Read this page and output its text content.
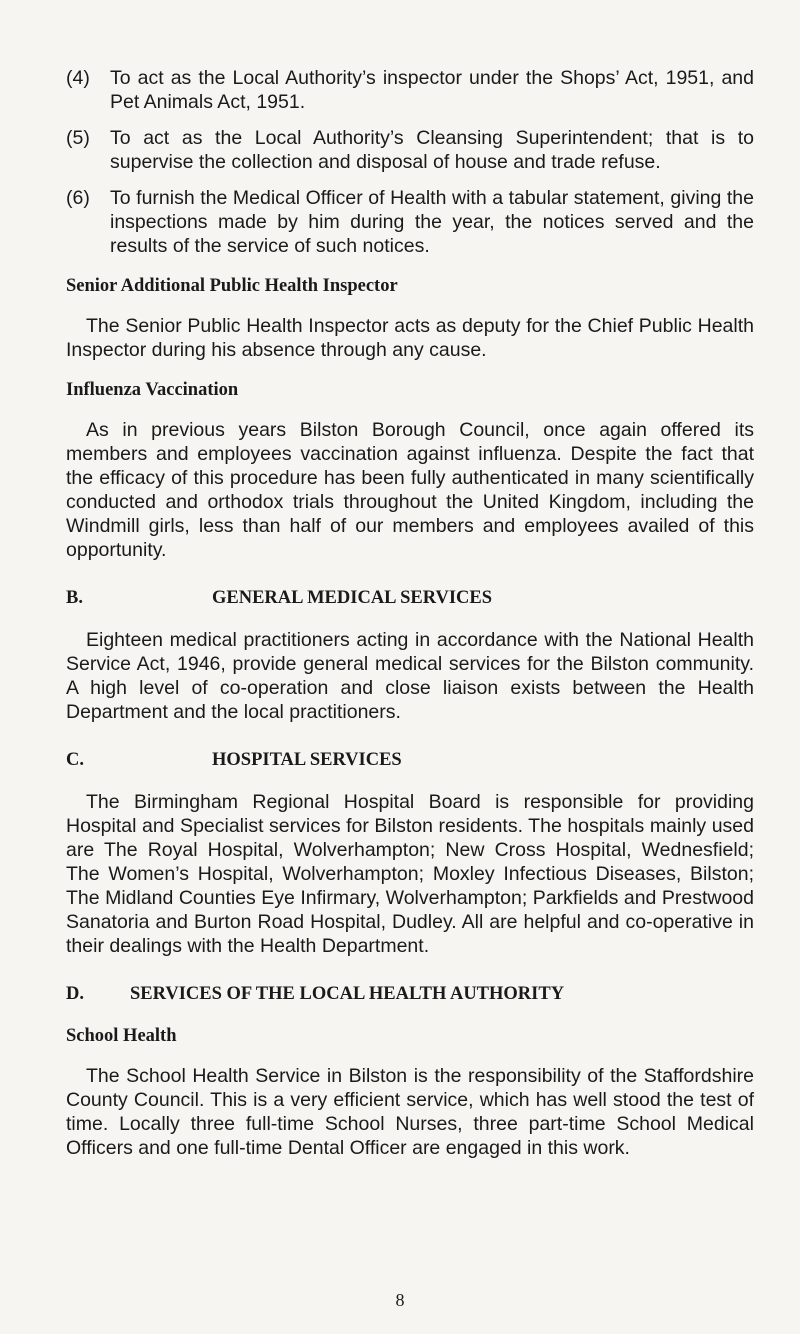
(4)	To act as the Local Authority’s inspector under the Shops’ Act, 1951, and Pet Animals Act, 1951.
(5)	To act as the Local Authority’s Cleansing Superintendent; that is to supervise the collection and disposal of house and trade refuse.
(6)	To furnish the Medical Officer of Health with a tabular statement, giving the inspections made by him during the year, the notices served and the results of the service of such notices.
Senior Additional Public Health Inspector

The Senior Public Health Inspector acts as deputy for the Chief Public Health Inspector during his absence through any cause.

Influenza Vaccination

As in previous years Bilston Borough Council, once again offered its members and employees vaccination against influenza. Despite the fact that the efficacy of this procedure has been fully authenticated in many scientifically conducted and orthodox trials throughout the United Kingdom, including the Windmill girls, less than half of our members and employees availed of this opportunity.

B.	GENERAL MEDICAL SERVICES

Eighteen medical practitioners acting in accordance with the National Health Service Act, 1946, provide general medical services for the Bilston community. A high level of co-operation and close liaison exists between the Health Department and the local practitioners.

C.	HOSPITAL SERVICES

The Birmingham Regional Hospital Board is responsible for providing Hospital and Specialist services for Bilston residents. The hospitals mainly used are The Royal Hospital, Wolverhampton; New Cross Hospital, Wednesfield; The Women’s Hospital, Wolverhampton; Moxley Infectious Diseases, Bilston; The Midland Counties Eye Infirmary, Wolverhampton; Parkfields and Prestwood Sanatoria and Burton Road Hospital, Dudley. All are helpful and co-operative in their dealings with the Health Department.

D.	SERVICES OF THE LOCAL HEALTH AUTHORITY
School Health

The School Health Service in Bilston is the responsibility of the Staffordshire County Council. This is a very efficient service, which has well stood the test of time. Locally three full-time School Nurses, three part-time School Medical Officers and one full-time Dental Officer are engaged in this work.

8
